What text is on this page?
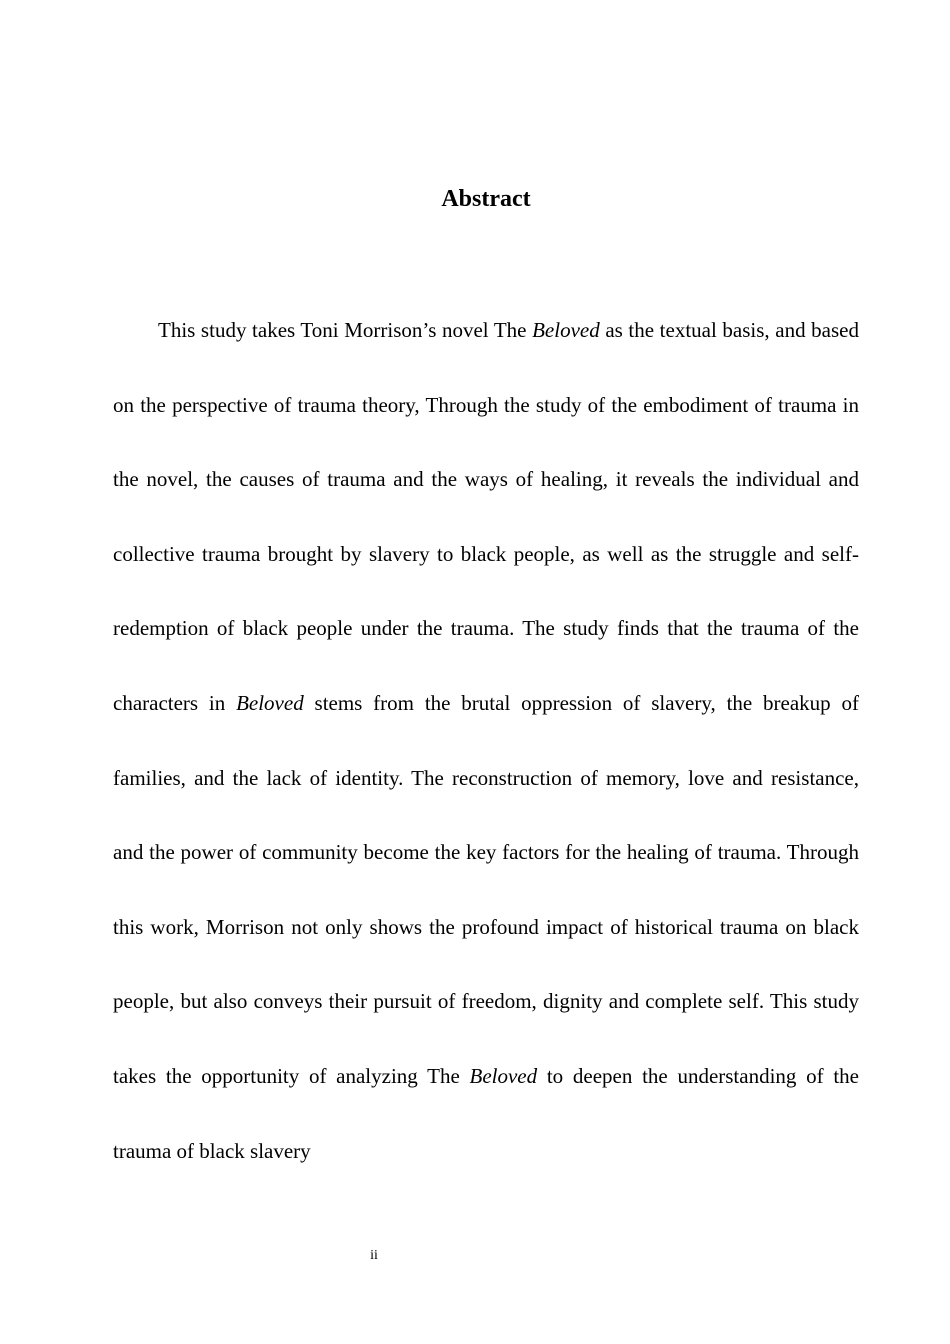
Abstract

This study takes Toni Morrison’s novel The Beloved as the textual basis, and based on the perspective of trauma theory, Through the study of the embodiment of trauma in the novel, the causes of trauma and the ways of healing, it reveals the individual and collective trauma brought by slavery to black people, as well as the struggle and self-redemption of black people under the trauma. The study finds that the trauma of the characters in Beloved stems from the brutal oppression of slavery, the breakup of families, and the lack of identity. The reconstruction of memory, love and resistance, and the power of community become the key factors for the healing of trauma. Through this work, Morrison not only shows the profound impact of historical trauma on black people, but also conveys their pursuit of freedom, dignity and complete self. This study takes the opportunity of analyzing The Beloved to deepen the understanding of the trauma of black slavery

ii
